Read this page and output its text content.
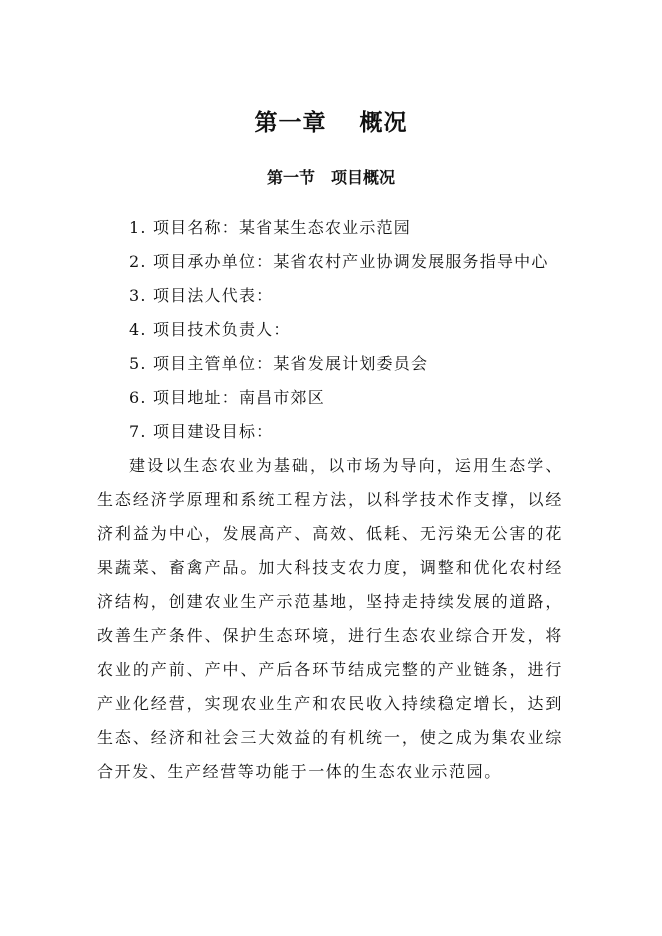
第一章　 概况
第一节　项目概况

1. 项目名称：某省某生态农业示范园

2. 项目承办单位：某省农村产业协调发展服务指导中心

3. 项目法人代表：

4. 项目技术负责人：

5. 项目主管单位：某省发展计划委员会

6. 项目地址：南昌市郊区

7. 项目建设目标：

建设以生态农业为基础，以市场为导向，运用生态学、生态经济学原理和系统工程方法，以科学技术作支撑，以经济利益为中心，发展高产、高效、低耗、无污染无公害的花果蔬菜、畜禽产品。加大科技支农力度，调整和优化农村经济结构，创建农业生产示范基地，坚持走持续发展的道路，改善生产条件、保护生态环境，进行生态农业综合开发，将农业的产前、产中、产后各环节结成完整的产业链条，进行产业化经营，实现农业生产和农民收入持续稳定增长，达到生态、经济和社会三大效益的有机统一，使之成为集农业综合开发、生产经营等功能于一体的生态农业示范园。
